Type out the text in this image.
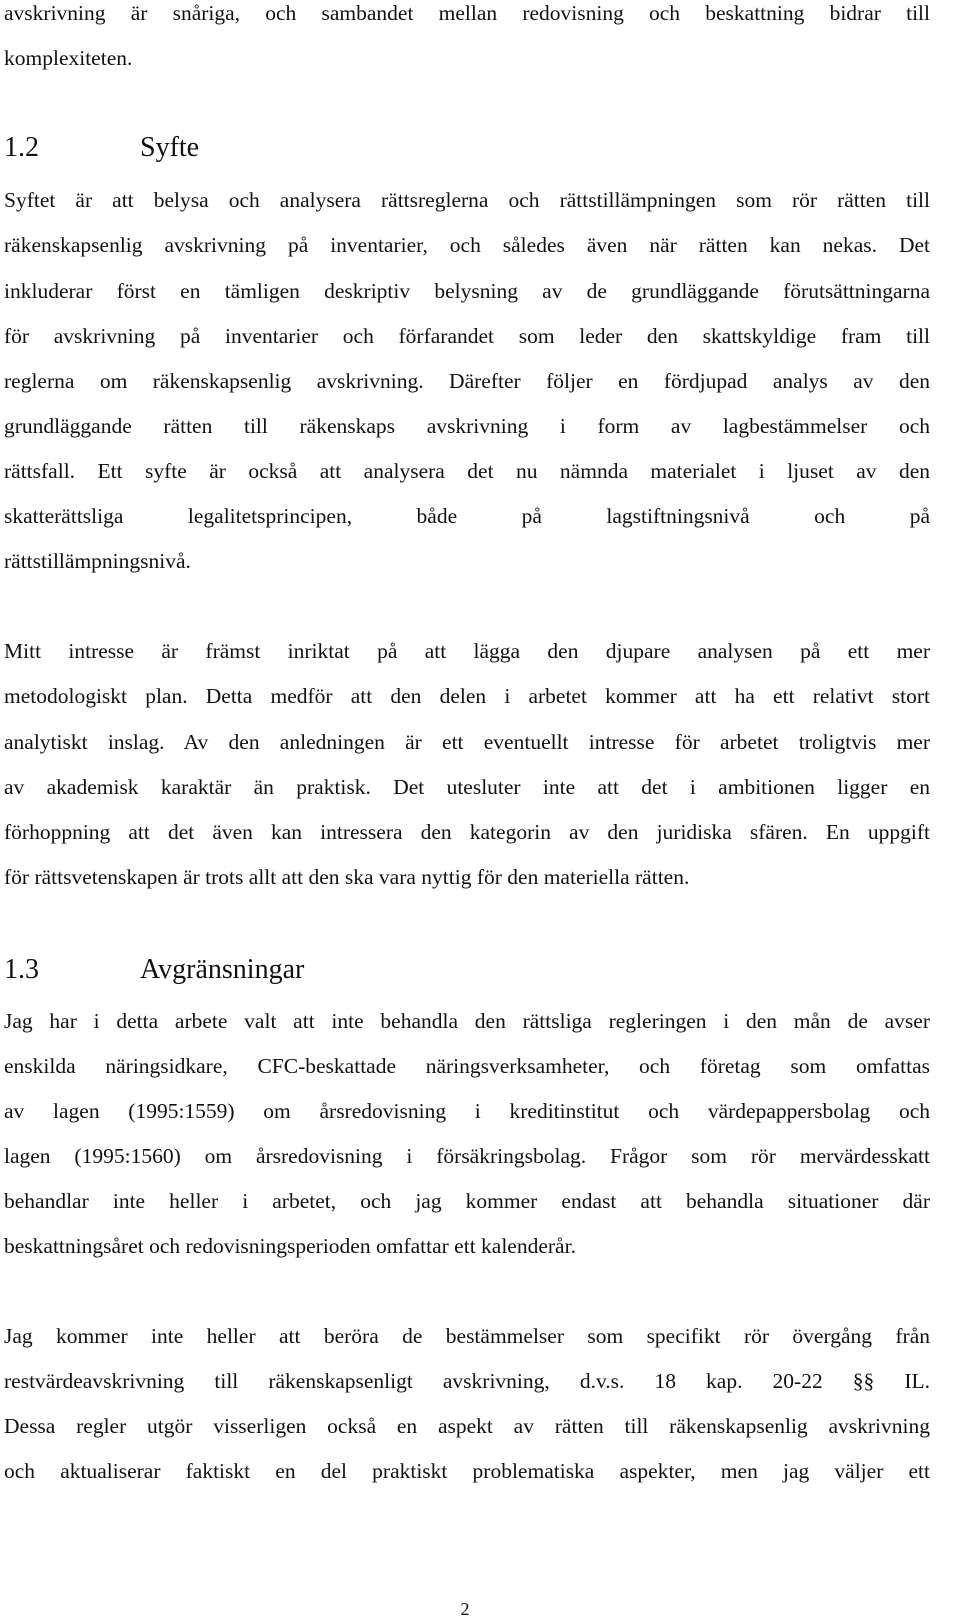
avskrivning är snåriga, och sambandet mellan redovisning och beskattning bidrar till
komplexiteten.
1.2	Syfte
Syftet är att belysa och analysera rättsreglerna och rättstillämpningen som rör rätten till
räkenskapsenlig avskrivning på inventarier, och således även när rätten kan nekas. Det
inkluderar först en tämligen deskriptiv belysning av de grundläggande förutsättningarna
för avskrivning på inventarier och förfarandet som leder den skattskyldige fram till
reglerna om räkenskapsenlig avskrivning. Därefter följer en fördjupad analys av den
grundläggande rätten till räkenskaps avskrivning i form av lagbestämmelser och
rättsfall. Ett syfte är också att analysera det nu nämnda materialet i ljuset av den
skatterättsliga legalitetsprincipen, både på lagstiftningsnivå och på
rättstillämpningsnivå.
Mitt intresse är främst inriktat på att lägga den djupare analysen på ett mer
metodologiskt plan. Detta medför att den delen i arbetet kommer att ha ett relativt stort
analytiskt inslag. Av den anledningen är ett eventuellt intresse för arbetet troligtvis mer
av akademisk karaktär än praktisk. Det utesluter inte att det i ambitionen ligger en
förhoppning att det även kan intressera den kategorin av den juridiska sfären. En uppgift
för rättsvetenskapen är trots allt att den ska vara nyttig för den materiella rätten.
1.3	Avgränsningar
Jag har i detta arbete valt att inte behandla den rättsliga regleringen i den mån de avser
enskilda näringsidkare, CFC-beskattade näringsverksamheter, och företag som omfattas
av lagen (1995:1559) om årsredovisning i kreditinstitut och värdepappersbolag och
lagen (1995:1560) om årsredovisning i försäkringsbolag. Frågor som rör mervärdesskatt
behandlar inte heller i arbetet, och jag kommer endast att behandla situationer där
beskattningsåret och redovisningsperioden omfattar ett kalenderår.
Jag kommer inte heller att beröra de bestämmelser som specifikt rör övergång från
restvärdeavskrivning till räkenskapsenligt avskrivning, d.v.s. 18 kap. 20-22 §§ IL.
Dessa regler utgör visserligen också en aspekt av rätten till räkenskapsenlig avskrivning
och aktualiserar faktiskt en del praktiskt problematiska aspekter, men jag väljer ett
2
